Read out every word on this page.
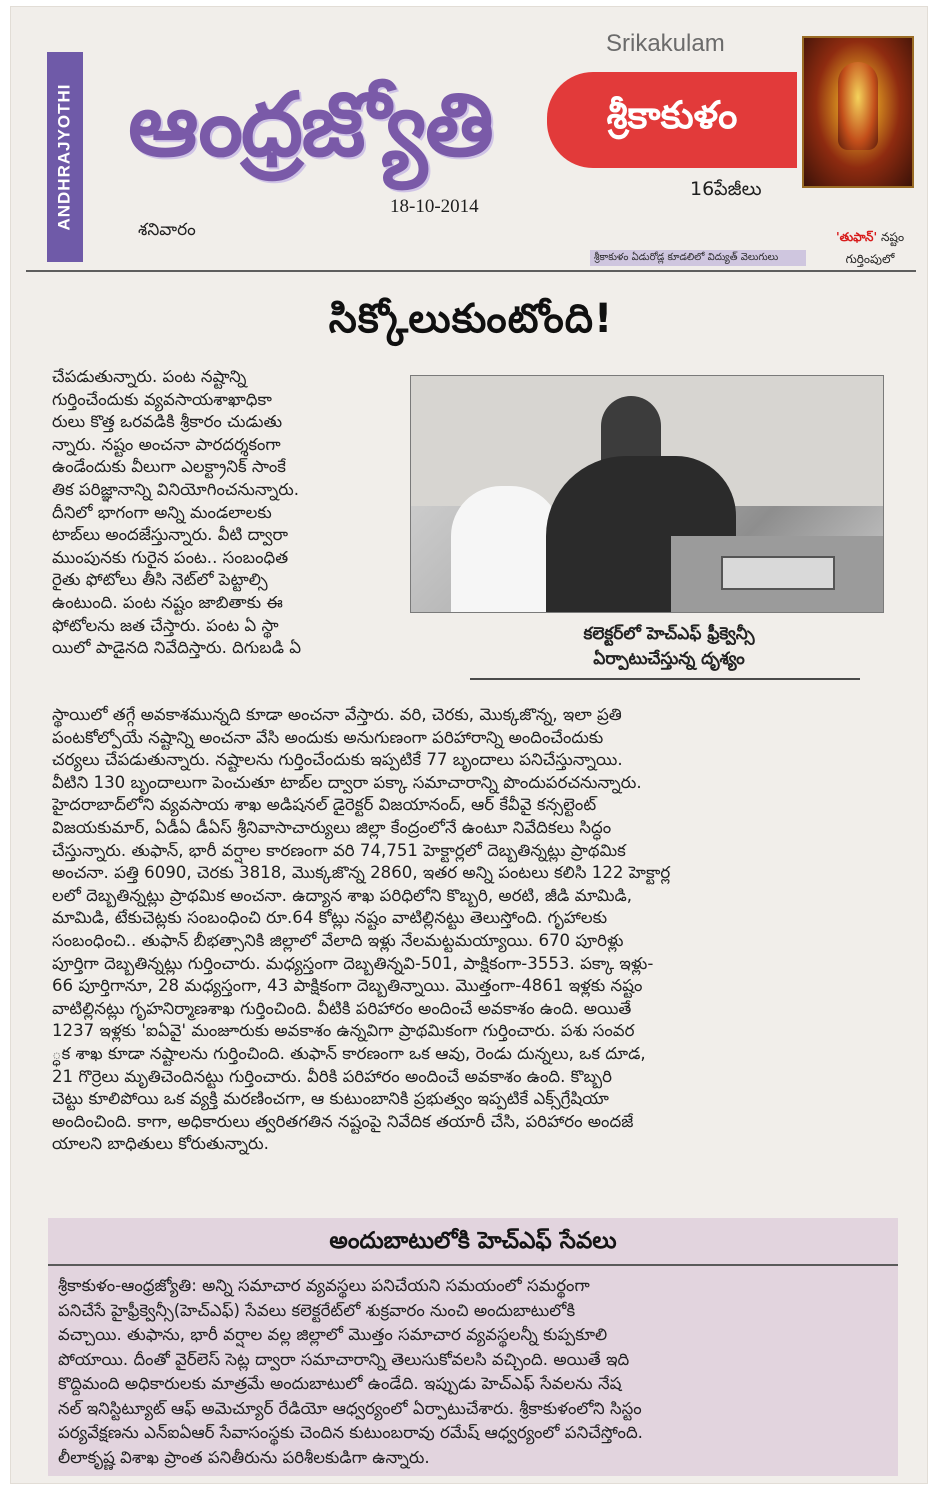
ANDHRAJYOTHI ఆంధ్రజ్యోతి
శనివారం
18-10-2014
Srikakulam
శ్రీకాకుళం
16పేజీలు
శ్రీకాకుళం ఏడురోడ్ల కూడలిలో విద్యుత్ వెలుగులు
'తుఫాన్' నష్టం
గుర్తింపులో
సిక్కోలుకుంటోంది!
చేపడుతున్నారు. పంట నష్టాన్ని
గుర్తించేందుకు వ్యవసాయశాఖాధికా
రులు కొత్త ఒరవడికి శ్రీకారం చుడుతు
న్నారు. నష్టం అంచనా పారదర్శకంగా
ఉండేందుకు వీలుగా ఎలక్ట్రానిక్ సాంకే
తిక పరిజ్ఞానాన్ని వినియోగించనున్నారు.
దీనిలో భాగంగా అన్ని మండలాలకు
టాబ్‌లు అందజేస్తున్నారు. వీటి ద్వారా
ముంపునకు గురైన పంట.. సంబంధిత
రైతు ఫోటోలు తీసి నెట్‌లో పెట్టాల్సి
ఉంటుంది. పంట నష్టం జాబితాకు ఈ
ఫోటోలను జత చేస్తారు. పంట ఏ స్థా
యిలో పాడైనది నివేదిస్తారు. దిగుబడి ఏ
కలెక్టర్‌లో హెచ్‌ఎఫ్ ఫ్రీక్వెన్సీ
ఏర్పాటుచేస్తున్న దృశ్యం
స్థాయిలో తగ్గే అవకాశమున్నది కూడా అంచనా వేస్తారు. వరి, చెరకు, మొక్కజొన్న, ఇలా ప్రతి
పంటకోల్పోయే నష్టాన్ని అంచనా వేసి అందుకు అనుగుణంగా పరిహారాన్ని అందించేందుకు
చర్యలు చేపడుతున్నారు. నష్టాలను గుర్తించేందుకు ఇప్పటికే 77 బృందాలు పనిచేస్తున్నాయి.
వీటిని 130 బృందాలుగా పెంచుతూ టాబ్‌ల ద్వారా పక్కా సమాచారాన్ని పొందుపరచనున్నారు.
హైదరాబాద్‌లోని వ్యవసాయ శాఖ అడిషనల్ డైరెక్టర్ విజయానంద్, ఆర్ కేవీవై కన్సల్టెంట్
విజయకుమార్, ఏడీఏ డీఏస్ శ్రీనివాసాచార్యులు జిల్లా కేంద్రంలోనే ఉంటూ నివేదికలు సిద్ధం
చేస్తున్నారు. తుఫాన్, భారీ వర్షాల కారణంగా వరి 74,751 హెక్టార్లలో దెబ్బతిన్నట్లు ప్రాథమిక
అంచనా. పత్తి 6090, చెరకు 3818, మొక్కజొన్న 2860, ఇతర అన్ని పంటలు కలిసి 122 హెక్టార్ల
లలో దెబ్బతిన్నట్లు ప్రాథమిక అంచనా. ఉద్యాన శాఖ పరిధిలోని కొబ్బరి, అరటి, జీడి మామిడి,
మామిడి, టేకుచెట్లకు సంబంధించి రూ.64 కోట్లు నష్టం వాటిల్లినట్టు తెలుస్తోంది. గృహాలకు
సంబంధించి.. తుఫాన్ బీభత్సానికి జిల్లాలో వేలాది ఇళ్లు నేలమట్టమయ్యాయి. 670 పూరిళ్లు
పూర్తిగా దెబ్బతిన్నట్లు గుర్తించారు. మధ్యస్తంగా దెబ్బతిన్నవి-501, పాక్షికంగా-3553. పక్కా ఇళ్లు-
66 పూర్తిగానూ, 28 మధ్యస్తంగా, 43 పాక్షికంగా దెబ్బతిన్నాయి. మొత్తంగా-4861 ఇళ్లకు నష్టం
వాటిల్లినట్లు గృహనిర్మాణశాఖ గుర్తించింది. వీటికి పరిహారం అందించే అవకాశం ఉంది. అయితే
1237 ఇళ్లకు 'ఐఏవై' మంజూరుకు అవకాశం ఉన్నవిగా ప్రాథమికంగా గుర్తించారు. పశు సంవర
్ధక శాఖ కూడా నష్టాలను గుర్తించింది. తుఫాన్ కారణంగా ఒక ఆవు, రెండు దున్నలు, ఒక దూడ,
21 గొర్రెలు మృతిచెందినట్టు గుర్తించారు. వీరికి పరిహారం అందించే అవకాశం ఉంది. కొబ్బరి
చెట్టు కూలిపోయి ఒక వ్యక్తి మరణించగా, ఆ కుటుంబానికి ప్రభుత్వం ఇప్పటికే ఎక్స్‌గ్రేషియా
అందించింది. కాగా, అధికారులు త్వరితగతిన నష్టంపై నివేదిక తయారీ చేసి, పరిహారం అందజే
యాలని బాధితులు కోరుతున్నారు.
అందుబాటులోకి హెచ్‌ఎఫ్ సేవలు
శ్రీకాకుళం-ఆంధ్రజ్యోతి: అన్ని సమాచార వ్యవస్థలు పనిచేయని సమయంలో సమర్థంగా
పనిచేసే హైఫ్రీక్వెన్సీ(హెచ్‌ఎఫ్) సేవలు కలెక్టరేట్‌లో శుక్రవారం నుంచి అందుబాటులోకి
వచ్చాయి. తుఫాను, భారీ వర్షాల వల్ల జిల్లాలో మొత్తం సమాచార వ్యవస్థలన్నీ కుప్పకూలి
పోయాయి. దీంతో వైర్‌లెస్ సెట్ల ద్వారా సమాచారాన్ని తెలుసుకోవలసి వచ్చింది. అయితే ఇది
కొద్దిమంది అధికారులకు మాత్రమే అందుబాటులో ఉండేది. ఇప్పుడు హెచ్‌ఎఫ్ సేవలను నేష
నల్ ఇనిస్టిట్యూట్ ఆఫ్ అమెచ్యూర్ రేడియో ఆధ్వర్యంలో ఏర్పాటుచేశారు. శ్రీకాకుళంలోని సిస్టం
పర్యవేక్షణను ఎన్ఐఏఆర్ సేవాసంస్థకు చెందిన కుటుంబరావు రమేష్ ఆధ్వర్యంలో పనిచేస్తోంది.
లీలాకృష్ణ విశాఖ ప్రాంత పనితీరును పరిశీలకుడిగా ఉన్నారు.
